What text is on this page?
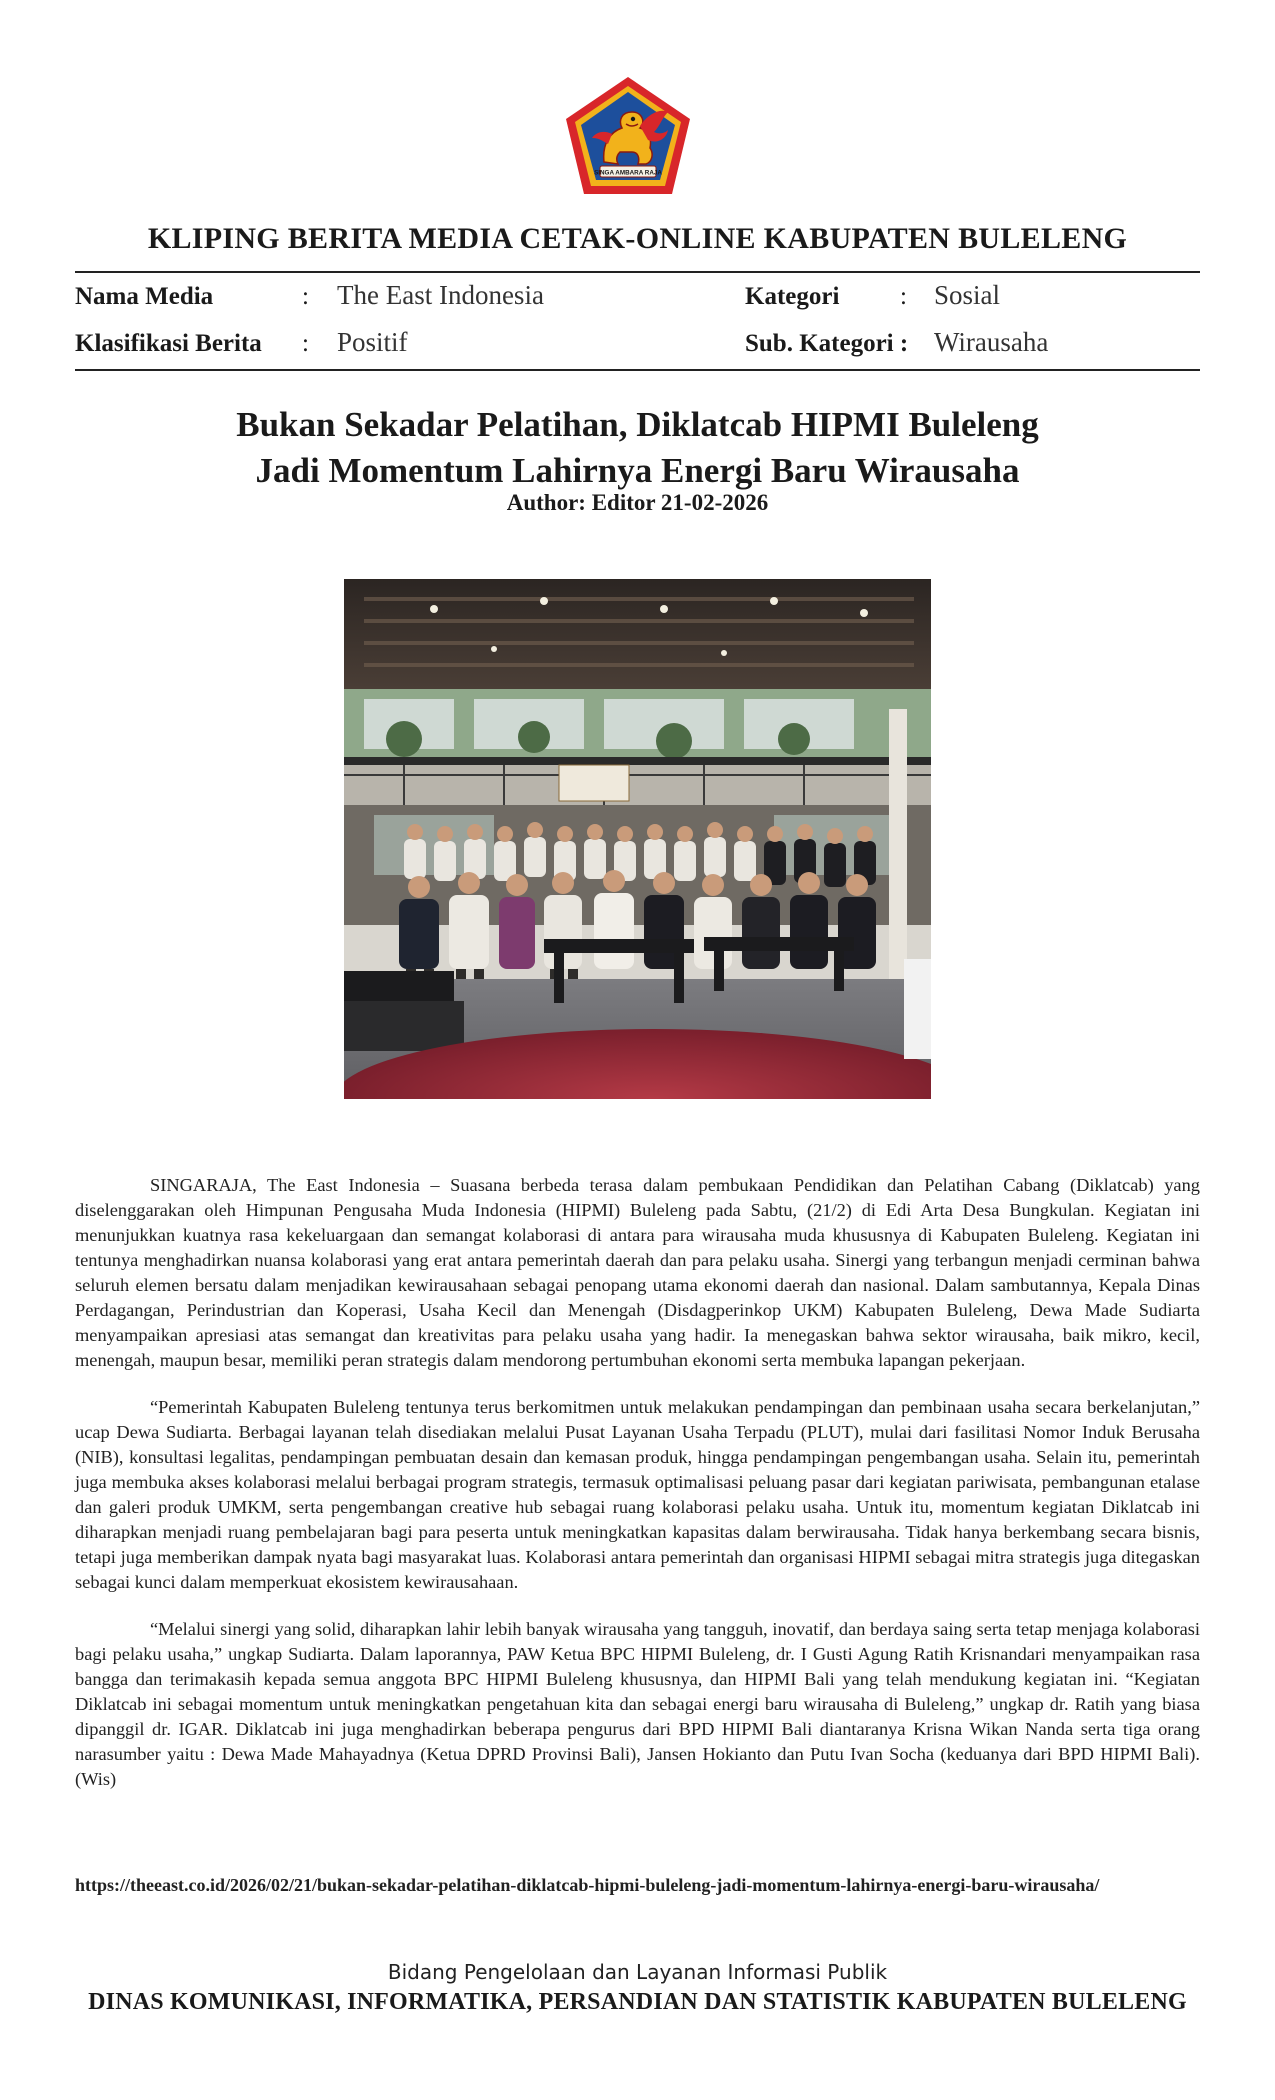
SINGA AMBARA RAJA
KLIPING BERITA MEDIA CETAK-ONLINE KABUPATEN BULELENG
Nama Media	: The East Indonesia	Kategori : Sosial
Klasifikasi Berita : Positif	Sub. Kategori : Wirausaha
Bukan Sekadar Pelatihan, Diklatcab HIPMI Buleleng
Jadi Momentum Lahirnya Energi Baru Wirausaha
Author: Editor 21-02-2026

SINGARAJA, The East Indonesia – Suasana berbeda terasa dalam pembukaan Pendidikan dan Pelatihan Cabang (Diklatcab) yang diselenggarakan oleh Himpunan Pengusaha Muda Indonesia (HIPMI) Buleleng pada Sabtu, (21/2) di Edi Arta Desa Bungkulan. Kegiatan ini menunjukkan kuatnya rasa kekeluargaan dan semangat kolaborasi di antara para wirausaha muda khususnya di Kabupaten Buleleng. Kegiatan ini tentunya menghadirkan nuansa kolaborasi yang erat antara pemerintah daerah dan para pelaku usaha. Sinergi yang terbangun menjadi cerminan bahwa seluruh elemen bersatu dalam menjadikan kewirausahaan sebagai penopang utama ekonomi daerah dan nasional. Dalam sambutannya, Kepala Dinas Perdagangan, Perindustrian dan Koperasi, Usaha Kecil dan Menengah (Disdagperinkop UKM) Kabupaten Buleleng, Dewa Made Sudiarta menyampaikan apresiasi atas semangat dan kreativitas para pelaku usaha yang hadir. Ia menegaskan bahwa sektor wirausaha, baik mikro, kecil, menengah, maupun besar, memiliki peran strategis dalam mendorong pertumbuhan ekonomi serta membuka lapangan pekerjaan.

“Pemerintah Kabupaten Buleleng tentunya terus berkomitmen untuk melakukan pendampingan dan pembinaan usaha secara berkelanjutan,” ucap Dewa Sudiarta. Berbagai layanan telah disediakan melalui Pusat Layanan Usaha Terpadu (PLUT), mulai dari fasilitasi Nomor Induk Berusaha (NIB), konsultasi legalitas, pendampingan pembuatan desain dan kemasan produk, hingga pendampingan pengembangan usaha. Selain itu, pemerintah juga membuka akses kolaborasi melalui berbagai program strategis, termasuk optimalisasi peluang pasar dari kegiatan pariwisata, pembangunan etalase dan galeri produk UMKM, serta pengembangan creative hub sebagai ruang kolaborasi pelaku usaha. Untuk itu, momentum kegiatan Diklatcab ini diharapkan menjadi ruang pembelajaran bagi para peserta untuk meningkatkan kapasitas dalam berwirausaha. Tidak hanya berkembang secara bisnis, tetapi juga memberikan dampak nyata bagi masyarakat luas. Kolaborasi antara pemerintah dan organisasi HIPMI sebagai mitra strategis juga ditegaskan sebagai kunci dalam memperkuat ekosistem kewirausahaan.

“Melalui sinergi yang solid, diharapkan lahir lebih banyak wirausaha yang tangguh, inovatif, dan berdaya saing serta tetap menjaga kolaborasi bagi pelaku usaha,” ungkap Sudiarta. Dalam laporannya, PAW Ketua BPC HIPMI Buleleng, dr. I Gusti Agung Ratih Krisnandari menyampaikan rasa bangga dan terimakasih kepada semua anggota BPC HIPMI Buleleng khususnya, dan HIPMI Bali yang telah mendukung kegiatan ini. “Kegiatan Diklatcab ini sebagai momentum untuk meningkatkan pengetahuan kita dan sebagai energi baru wirausaha di Buleleng,” ungkap dr. Ratih yang biasa dipanggil dr. IGAR. Diklatcab ini juga menghadirkan beberapa pengurus dari BPD HIPMI Bali diantaranya Krisna Wikan Nanda serta tiga orang narasumber yaitu : Dewa Made Mahayadnya (Ketua DPRD Provinsi Bali), Jansen Hokianto dan Putu Ivan Socha (keduanya dari BPD HIPMI Bali).(Wis)

https://theeast.co.id/2026/02/21/bukan-sekadar-pelatihan-diklatcab-hipmi-buleleng-jadi-momentum-lahirnya-energi-baru-wirausaha/
Bidang Pengelolaan dan Layanan Informasi Publik
DINAS KOMUNIKASI, INFORMATIKA, PERSANDIAN DAN STATISTIK KABUPATEN BULELENG
